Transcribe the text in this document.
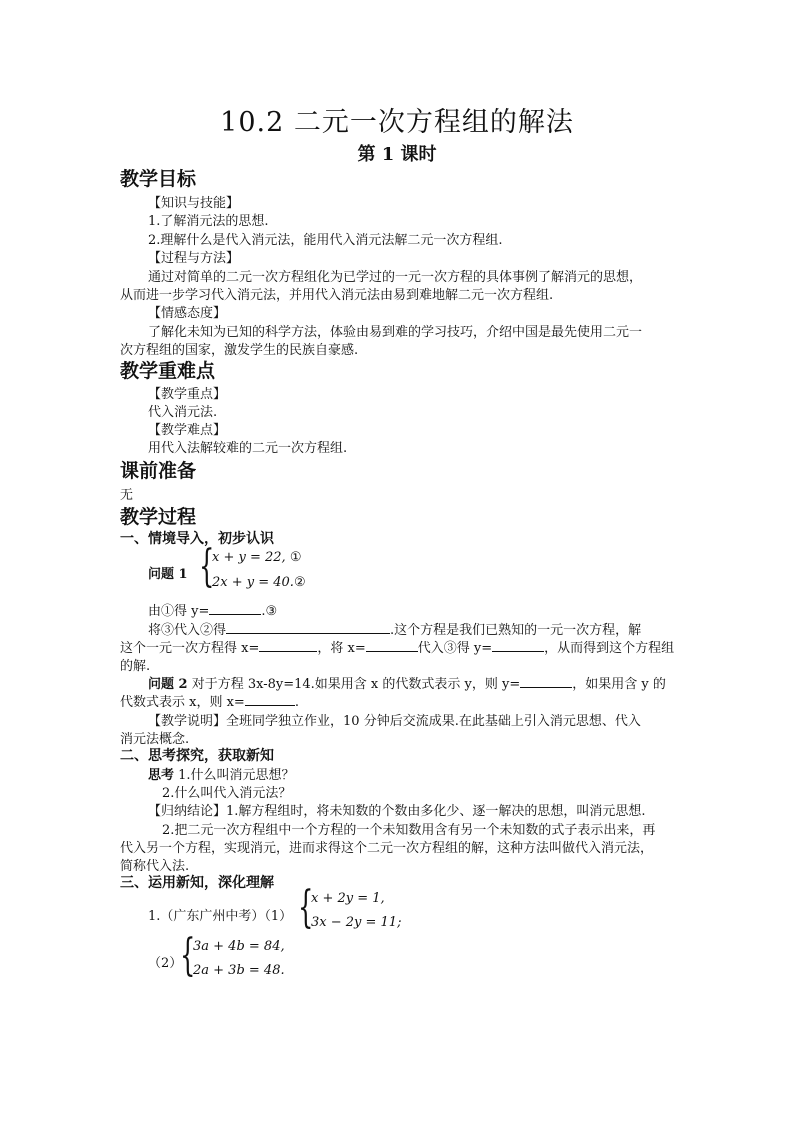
10.2 二元一次方程组的解法
第 1 课时
教学目标
【知识与技能】
1.了解消元法的思想.
2.理解什么是代入消元法，能用代入消元法解二元一次方程组.
【过程与方法】
通过对简单的二元一次方程组化为已学过的一元一次方程的具体事例了解消元的思想，
从而进一步学习代入消元法，并用代入消元法由易到难地解二元一次方程组.
【情感态度】
了解化未知为已知的科学方法，体验由易到难的学习技巧，介绍中国是最先使用二元一
次方程组的国家，激发学生的民族自豪感.
教学重难点
【教学重点】
代入消元法.
【教学难点】
用代入法解较难的二元一次方程组.
课前准备
无
教学过程
一、情境导入，初步认识
问题 1 {
x + y = 22, ①
2x + y = 40.②
由①得 y=	.③
将③代入②得	.这个方程是我们已熟知的一元一次方程，解
这个一元一次方程得 x=	，将 x=	代入③得 y=	，从而得到这个方程组
的解.
问题 2 对于方程 3x-8y=14.如果用含 x 的代数式表示 y，则 y=	，如果用含 y 的
代数式表示 x，则 x=	.
【教学说明】全班同学独立作业，10 分钟后交流成果.在此基础上引入消元思想、代入
消元法概念.
二、思考探究，获取新知
思考 1.什么叫消元思想？
2.什么叫代入消元法？
【归纳结论】1.解方程组时，将未知数的个数由多化少、逐一解决的思想，叫消元思想.
2.把二元一次方程组中一个方程的一个未知数用含有另一个未知数的式子表示出来，再
代入另一个方程，实现消元，进而求得这个二元一次方程组的解，这种方法叫做代入消元法，
简称代入法.
三、运用新知，深化理解
1.（广东广州中考）（1） {
x + 2y = 1,
3x − 2y = 11;
（2）
{
3a + 4b = 84,
2a + 3b = 48.
